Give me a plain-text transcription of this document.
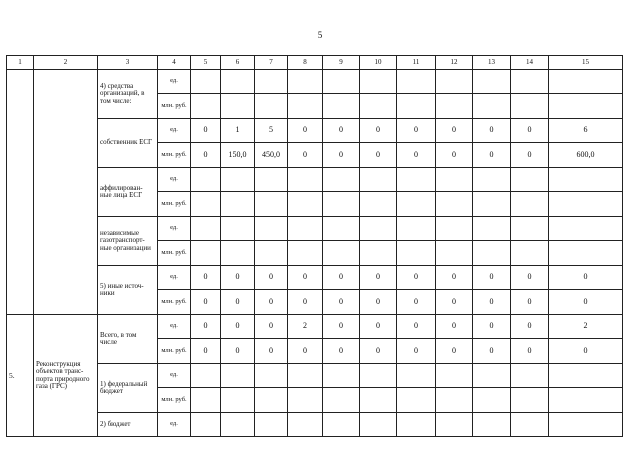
5
1	2	3	4	5	6	7	8	9	10	11	12	13	14	15
		4) средства организаций, в том числе:	ед.											
			млн. руб.											
		собственник ЕСГ	ед.	0	1	5	0	0	0	0	0	0	0	6
			млн. руб.	0	150,0	450,0	0	0	0	0	0	0	0	600,0
		аффилирован- ные лица ЕСГ	ед.											
			млн. руб.											
		независимые газотранспорт- ные организации	ед.											
			млн. руб.											
		5) иные источ- ники	ед.	0	0	0	0	0	0	0	0	0	0	0
			млн. руб.	0	0	0	0	0	0	0	0	0	0	0
5.	Реконструкция объектов транс- порта природного газа (ГРС)	Всего, в том числе	ед.	0	0	0	2	0	0	0	0	0	0	2
			млн. руб.	0	0	0	0	0	0	0	0	0	0	0
		1) федеральный бюджет	ед.											
			млн. руб.											
		2) бюджет	ед.											
